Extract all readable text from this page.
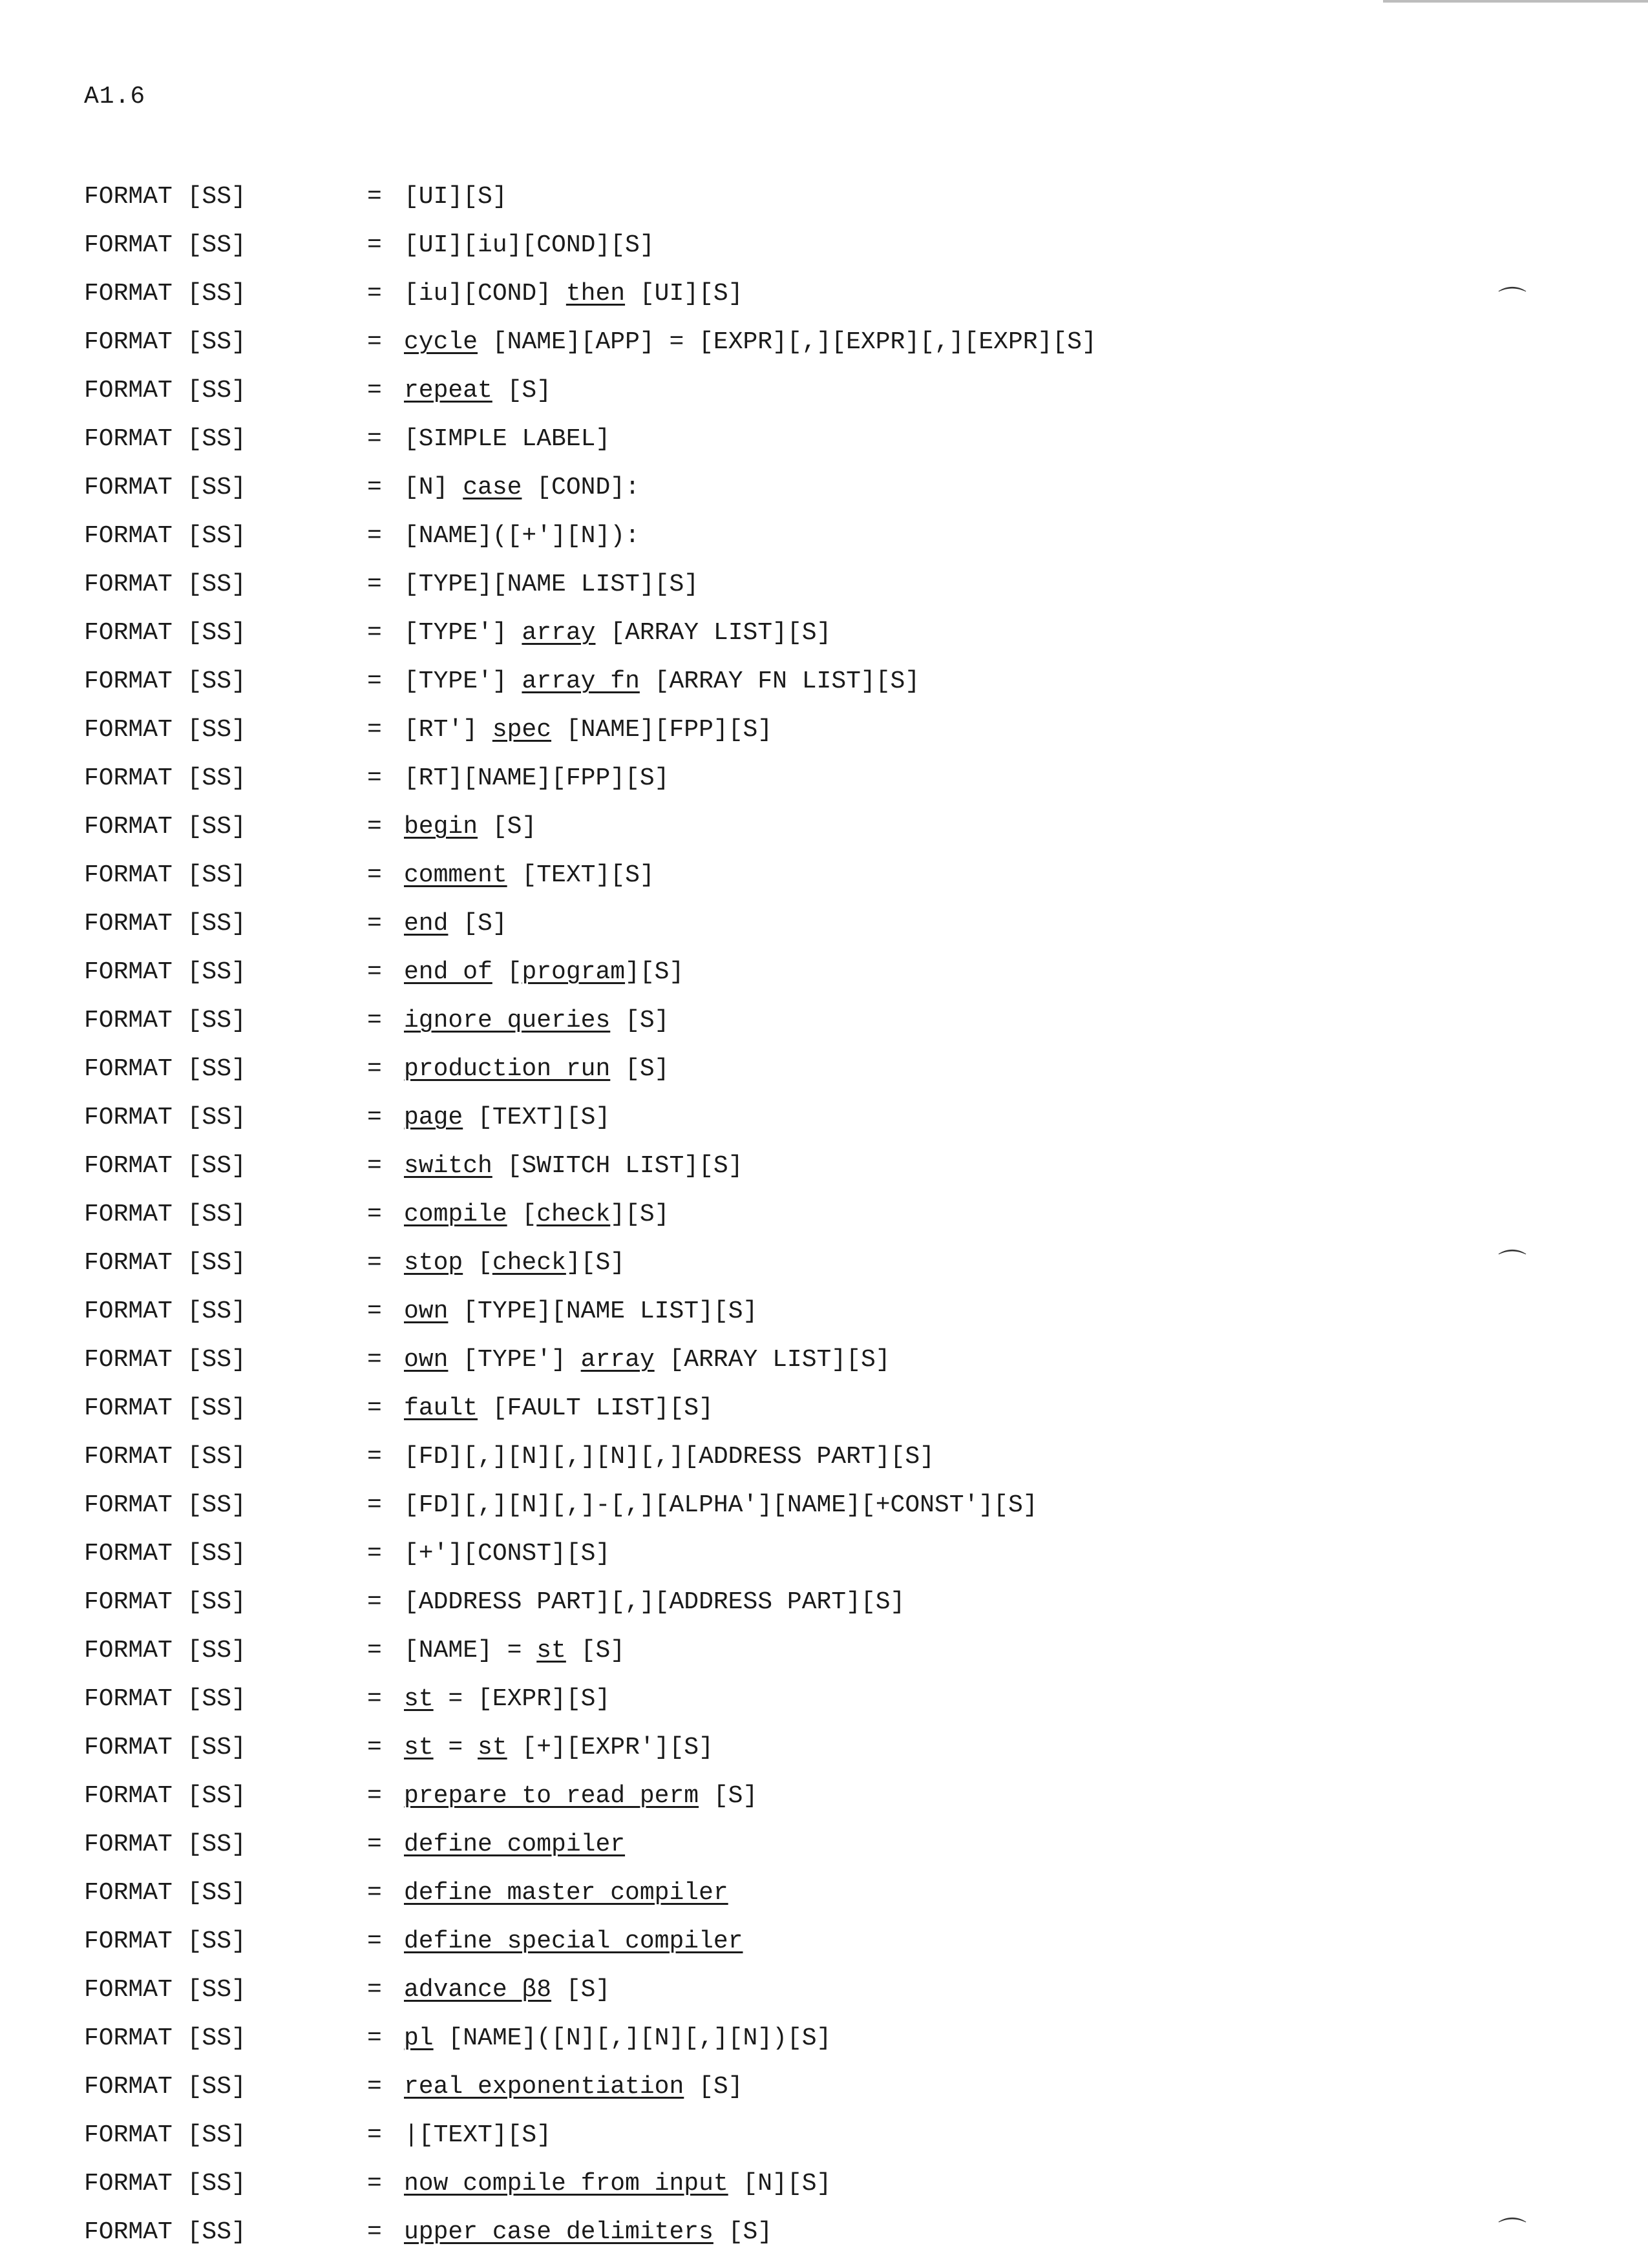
A1.6
FORMAT [SS]	= [UI][S]
FORMAT [SS]	= [UI][iu][COND][S]
FORMAT [SS]	= [iu][COND] then [UI][S]
FORMAT [SS]	= cycle [NAME][APP] = [EXPR][,][EXPR][,][EXPR][S]
FORMAT [SS]	= repeat [S]
FORMAT [SS]	= [SIMPLE LABEL]
FORMAT [SS]	= [N] case [COND]:
FORMAT [SS]	= [NAME]([+'][N]):
FORMAT [SS]	= [TYPE][NAME LIST][S]
FORMAT [SS]	= [TYPE'] array [ARRAY LIST][S]
FORMAT [SS]	= [TYPE'] array fn [ARRAY FN LIST][S]
FORMAT [SS]	= [RT'] spec [NAME][FPP][S]
FORMAT [SS]	= [RT][NAME][FPP][S]
FORMAT [SS]	= begin [S]
FORMAT [SS]	= comment [TEXT][S]
FORMAT [SS]	= end [S]
FORMAT [SS]	= end of [program][S]
FORMAT [SS]	= ignore queries [S]
FORMAT [SS]	= production run [S]
FORMAT [SS]	= page [TEXT][S]
FORMAT [SS]	= switch [SWITCH LIST][S]
FORMAT [SS]	= compile [check][S]
FORMAT [SS]	= stop [check][S]
FORMAT [SS]	= own [TYPE][NAME LIST][S]
FORMAT [SS]	= own [TYPE'] array [ARRAY LIST][S]
FORMAT [SS]	= fault [FAULT LIST][S]
FORMAT [SS]	= [FD][,][N][,][N][,][ADDRESS PART][S]
FORMAT [SS]	= [FD][,][N][,]-[,][ALPHA'][NAME][+CONST'][S]
FORMAT [SS]	= [+'][CONST][S]
FORMAT [SS]	= [ADDRESS PART][,][ADDRESS PART][S]
FORMAT [SS]	= [NAME] = st [S]
FORMAT [SS]	= st = [EXPR][S]
FORMAT [SS]	= st = st [+][EXPR'][S]
FORMAT [SS]	= prepare to read perm [S]
FORMAT [SS]	= define compiler
FORMAT [SS]	= define master compiler
FORMAT [SS]	= define special compiler
FORMAT [SS]	= advance β8 [S]
FORMAT [SS]	= pl [NAME]([N][,][N][,][N])[S]
FORMAT [SS]	= real exponentiation [S]
FORMAT [SS]	= |[TEXT][S]
FORMAT [SS]	= now compile from input [N][S]
FORMAT [SS]	= upper case delimiters [S]
⌒
⌒
⌒
